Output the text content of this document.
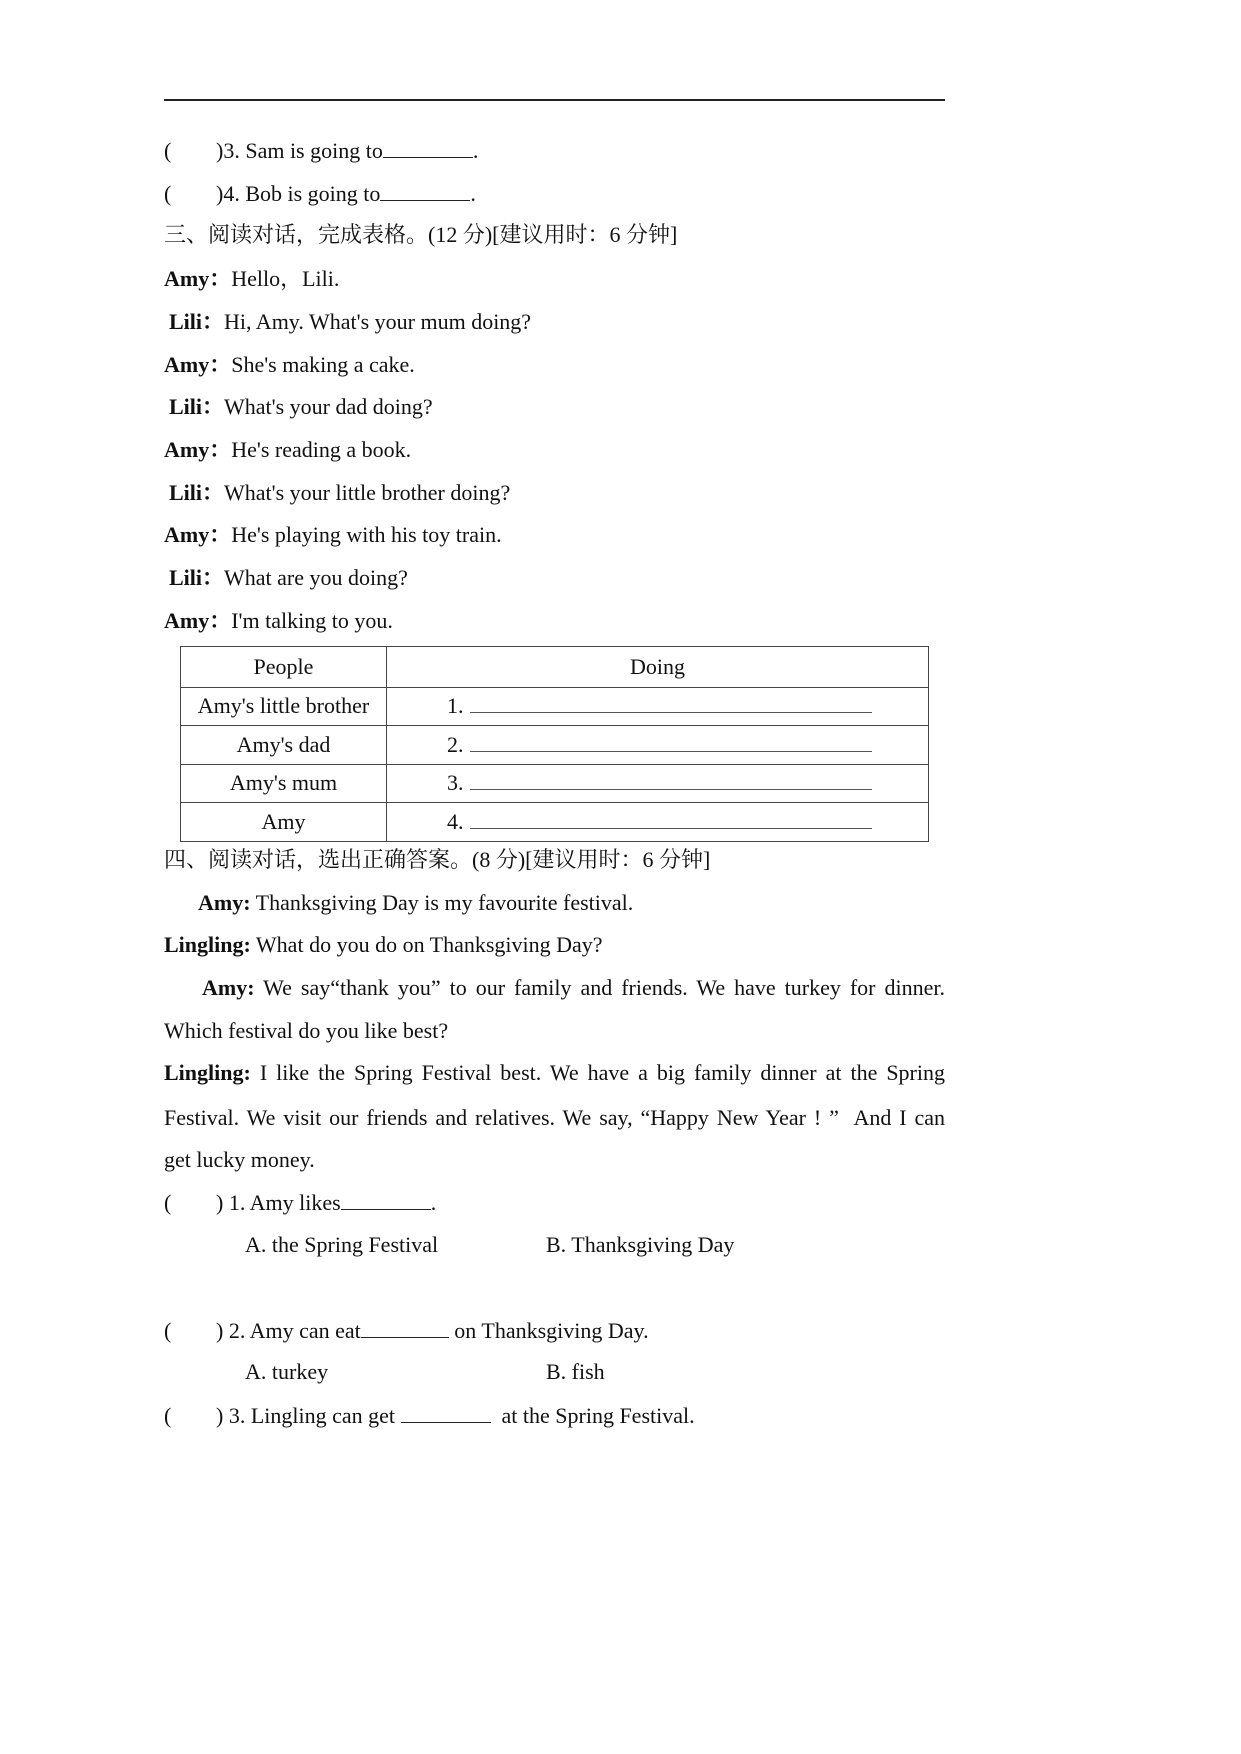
( )3. Sam is going to	.
( )4. Bob is going to	.
三、阅读对话，完成表格。(12 分)[建议用时：6 分钟]
Amy：Hello，Lili.
Lili：Hi, Amy. What's your mum doing?
Amy：She's making a cake.
Lili：What's your dad doing?
Amy：He's reading a book.
Lili：What's your little brother doing?
Amy：He's playing with his toy train.
Lili：What are you doing?
Amy：I'm talking to you.
People	Doing
Amy's little brother	1.
Amy's dad	2.
Amy's mum	3.
Amy	4.
四、阅读对话，选出正确答案。(8 分)[建议用时：6 分钟]
Amy: Thanksgiving Day is my favourite festival.
Lingling: What do you do on Thanksgiving Day?
Amy: We say“thank you” to our family and friends. We have turkey for dinner.
Which festival do you like best?
Lingling: I like the Spring Festival best. We have a big family dinner at the Spring
Festival. We visit our friends and relatives. We say, “Happy New Year ! ”  And I can
get lucky money.
( ) 1. Amy likes	.
A. the Spring Festival	B. Thanksgiving Day
( ) 2. Amy can eat	on Thanksgiving Day.
A. turkey	B. fish
( ) 3. Lingling can get	at the Spring Festival.
